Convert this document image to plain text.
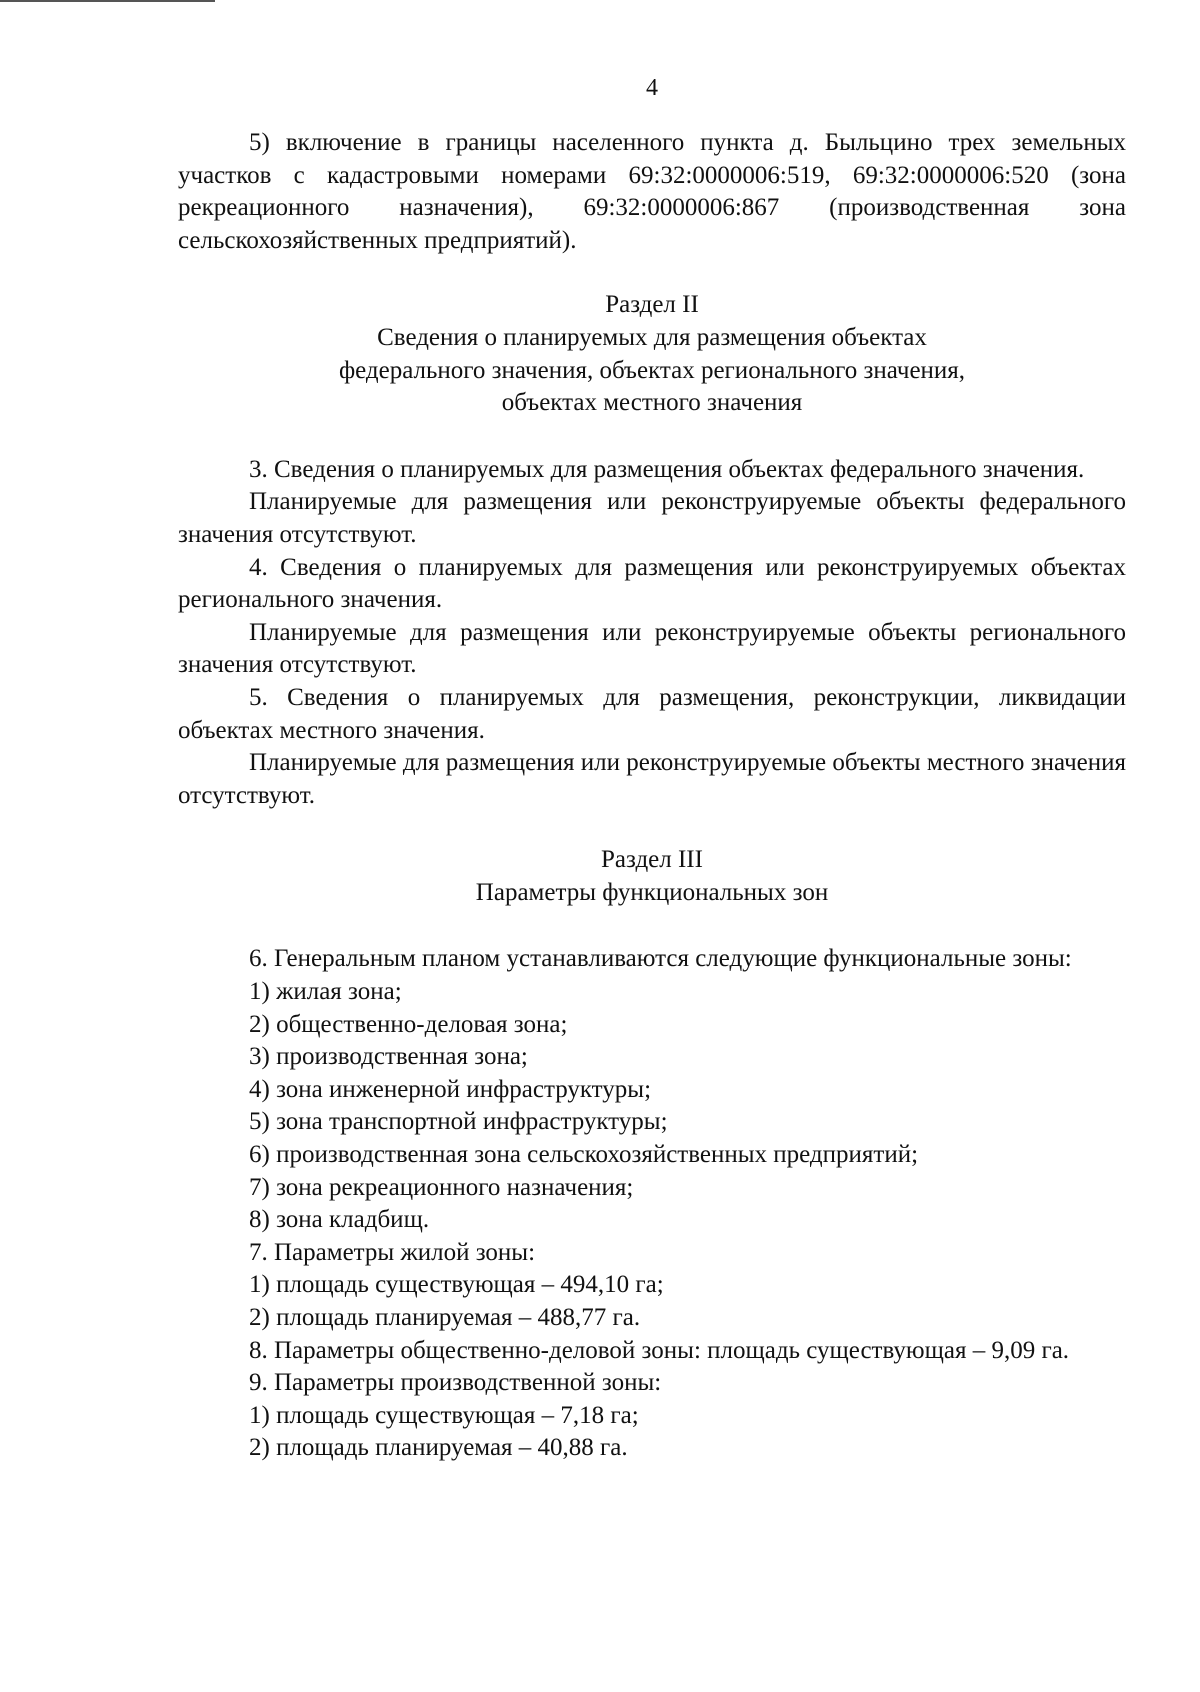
4

5) включение в границы населенного пункта д. Быльцино трех земельных участков с кадастровыми номерами 69:32:0000006:519, 69:32:0000006:520 (зона рекреационного назначения), 69:32:0000006:867 (производственная зона сельскохозяйственных предприятий).

Раздел II

Сведения о планируемых для размещения объектах

федерального значения, объектах регионального значения,

объектах местного значения

3. Сведения о планируемых для размещения объектах федерального значения.

Планируемые для размещения или реконструируемые объекты федерального значения отсутствуют.

4. Сведения о планируемых для размещения или реконструируемых объектах регионального значения.

Планируемые для размещения или реконструируемые объекты регионального значения отсутствуют.

5. Сведения о планируемых для размещения, реконструкции, ликвидации объектах местного значения.

Планируемые для размещения или реконструируемые объекты местного значения отсутствуют.

Раздел III

Параметры функциональных зон

6. Генеральным планом устанавливаются следующие функциональные зоны:

1) жилая зона;

2) общественно-деловая зона;

3) производственная зона;

4) зона инженерной инфраструктуры;

5) зона транспортной инфраструктуры;

6) производственная зона сельскохозяйственных предприятий;

7) зона рекреационного назначения;

8) зона кладбищ.

7. Параметры жилой зоны:

1) площадь существующая – 494,10 га;

2) площадь планируемая – 488,77 га.

8. Параметры общественно-деловой зоны: площадь существующая – 9,09 га.

9. Параметры производственной зоны:

1) площадь существующая – 7,18 га;

2) площадь планируемая – 40,88 га.
